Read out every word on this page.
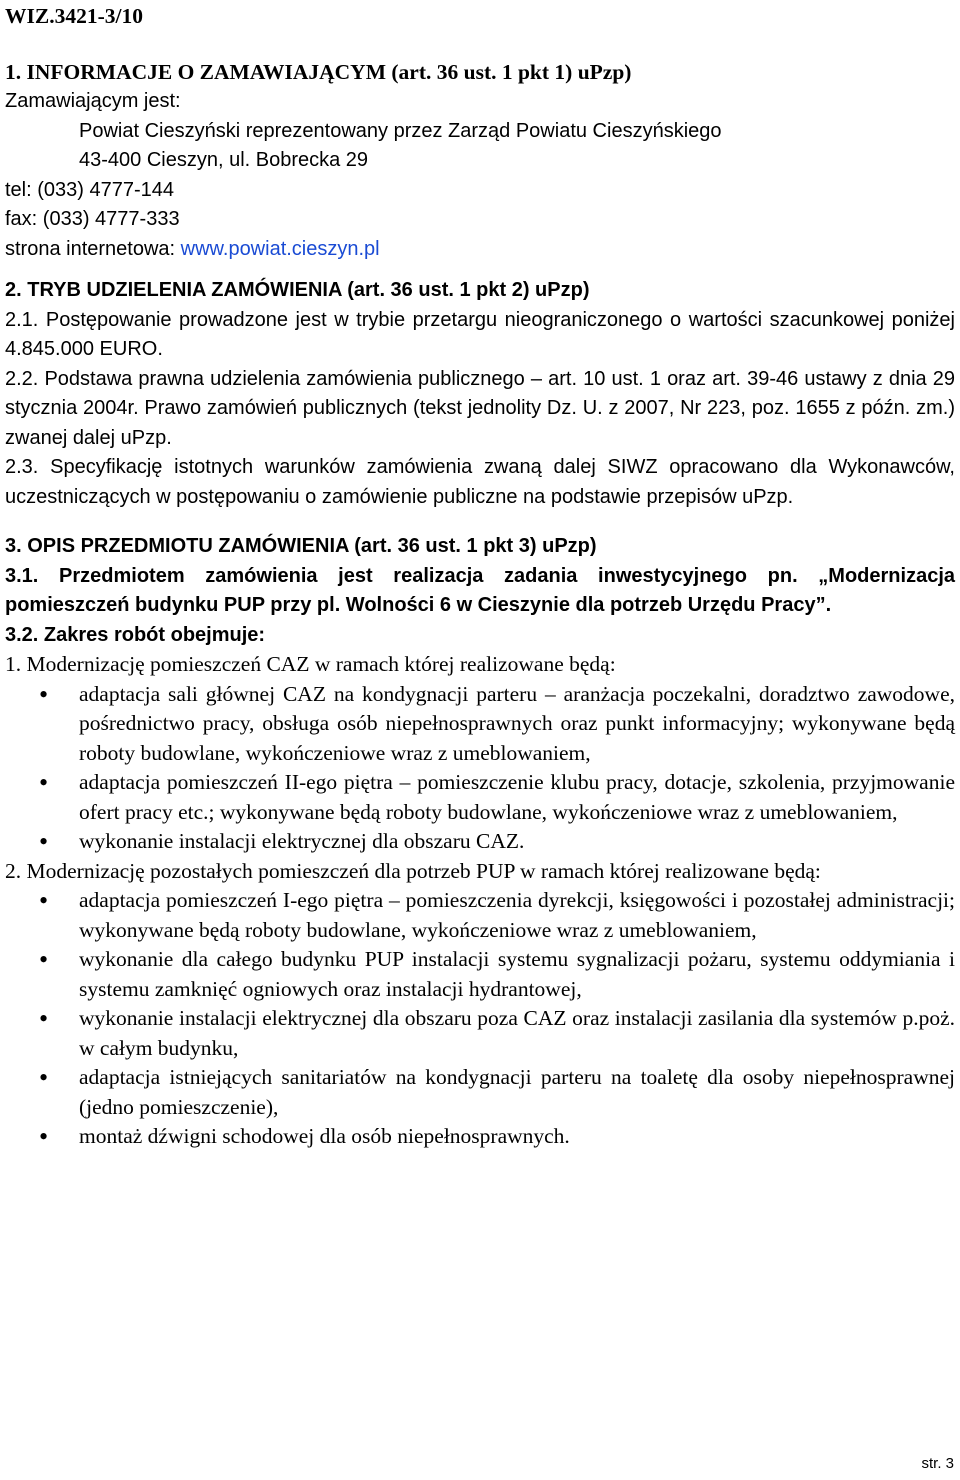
WIZ.3421-3/10

1. INFORMACJE O ZAMAWIAJĄCYM (art. 36 ust. 1 pkt 1) uPzp)

Zamawiającym jest:

Powiat Cieszyński reprezentowany przez Zarząd Powiatu Cieszyńskiego

43-400 Cieszyn, ul. Bobrecka 29

tel: (033) 4777-144

fax: (033) 4777-333

strona internetowa: www.powiat.cieszyn.pl

2. TRYB UDZIELENIA ZAMÓWIENIA (art. 36 ust. 1 pkt 2) uPzp)

2.1. Postępowanie prowadzone jest w trybie przetargu nieograniczonego o wartości szacunkowej poniżej 4.845.000 EURO.

2.2. Podstawa prawna udzielenia zamówienia publicznego – art. 10 ust. 1 oraz art. 39-46 ustawy z dnia 29 stycznia 2004r. Prawo zamówień publicznych (tekst jednolity Dz. U. z 2007, Nr 223, poz. 1655 z późn. zm.) zwanej dalej uPzp.

2.3. Specyfikację istotnych warunków zamówienia zwaną dalej SIWZ opracowano dla Wykonawców, uczestniczących w postępowaniu o zamówienie publiczne na podstawie przepisów uPzp.

3. OPIS PRZEDMIOTU ZAMÓWIENIA (art. 36 ust. 1 pkt 3) uPzp)

3.1. Przedmiotem zamówienia jest realizacja zadania inwestycyjnego pn. „Modernizacja pomieszczeń budynku PUP przy pl. Wolności 6 w Cieszynie dla potrzeb Urzędu Pracy”.

3.2. Zakres robót obejmuje:

1. Modernizację pomieszczeń CAZ w ramach której realizowane będą:

• adaptacja sali głównej CAZ na kondygnacji parteru – aranżacja poczekalni, doradztwo zawodowe, pośrednictwo pracy, obsługa osób niepełnosprawnych oraz punkt informacyjny; wykonywane będą roboty budowlane, wykończeniowe wraz z umeblowaniem,
• adaptacja pomieszczeń II-ego piętra – pomieszczenie klubu pracy, dotacje, szkolenia, przyjmowanie ofert pracy etc.; wykonywane będą roboty budowlane, wykończeniowe wraz z umeblowaniem,
• wykonanie instalacji elektrycznej dla obszaru CAZ.

2. Modernizację pozostałych pomieszczeń dla potrzeb PUP w ramach której realizowane będą:

• adaptacja pomieszczeń I-ego piętra – pomieszczenia dyrekcji, księgowości i pozostałej administracji; wykonywane będą roboty budowlane, wykończeniowe wraz z umeblowaniem,
• wykonanie dla całego budynku PUP instalacji systemu sygnalizacji pożaru, systemu oddymiania i systemu zamknięć ogniowych oraz instalacji hydrantowej,
• wykonanie instalacji elektrycznej dla obszaru poza CAZ oraz instalacji zasilania dla systemów p.poż. w całym budynku,
• adaptacja istniejących sanitariatów na kondygnacji parteru na toaletę dla osoby niepełnosprawnej (jedno pomieszczenie),
• montaż dźwigni schodowej dla osób niepełnosprawnych.
str. 3
